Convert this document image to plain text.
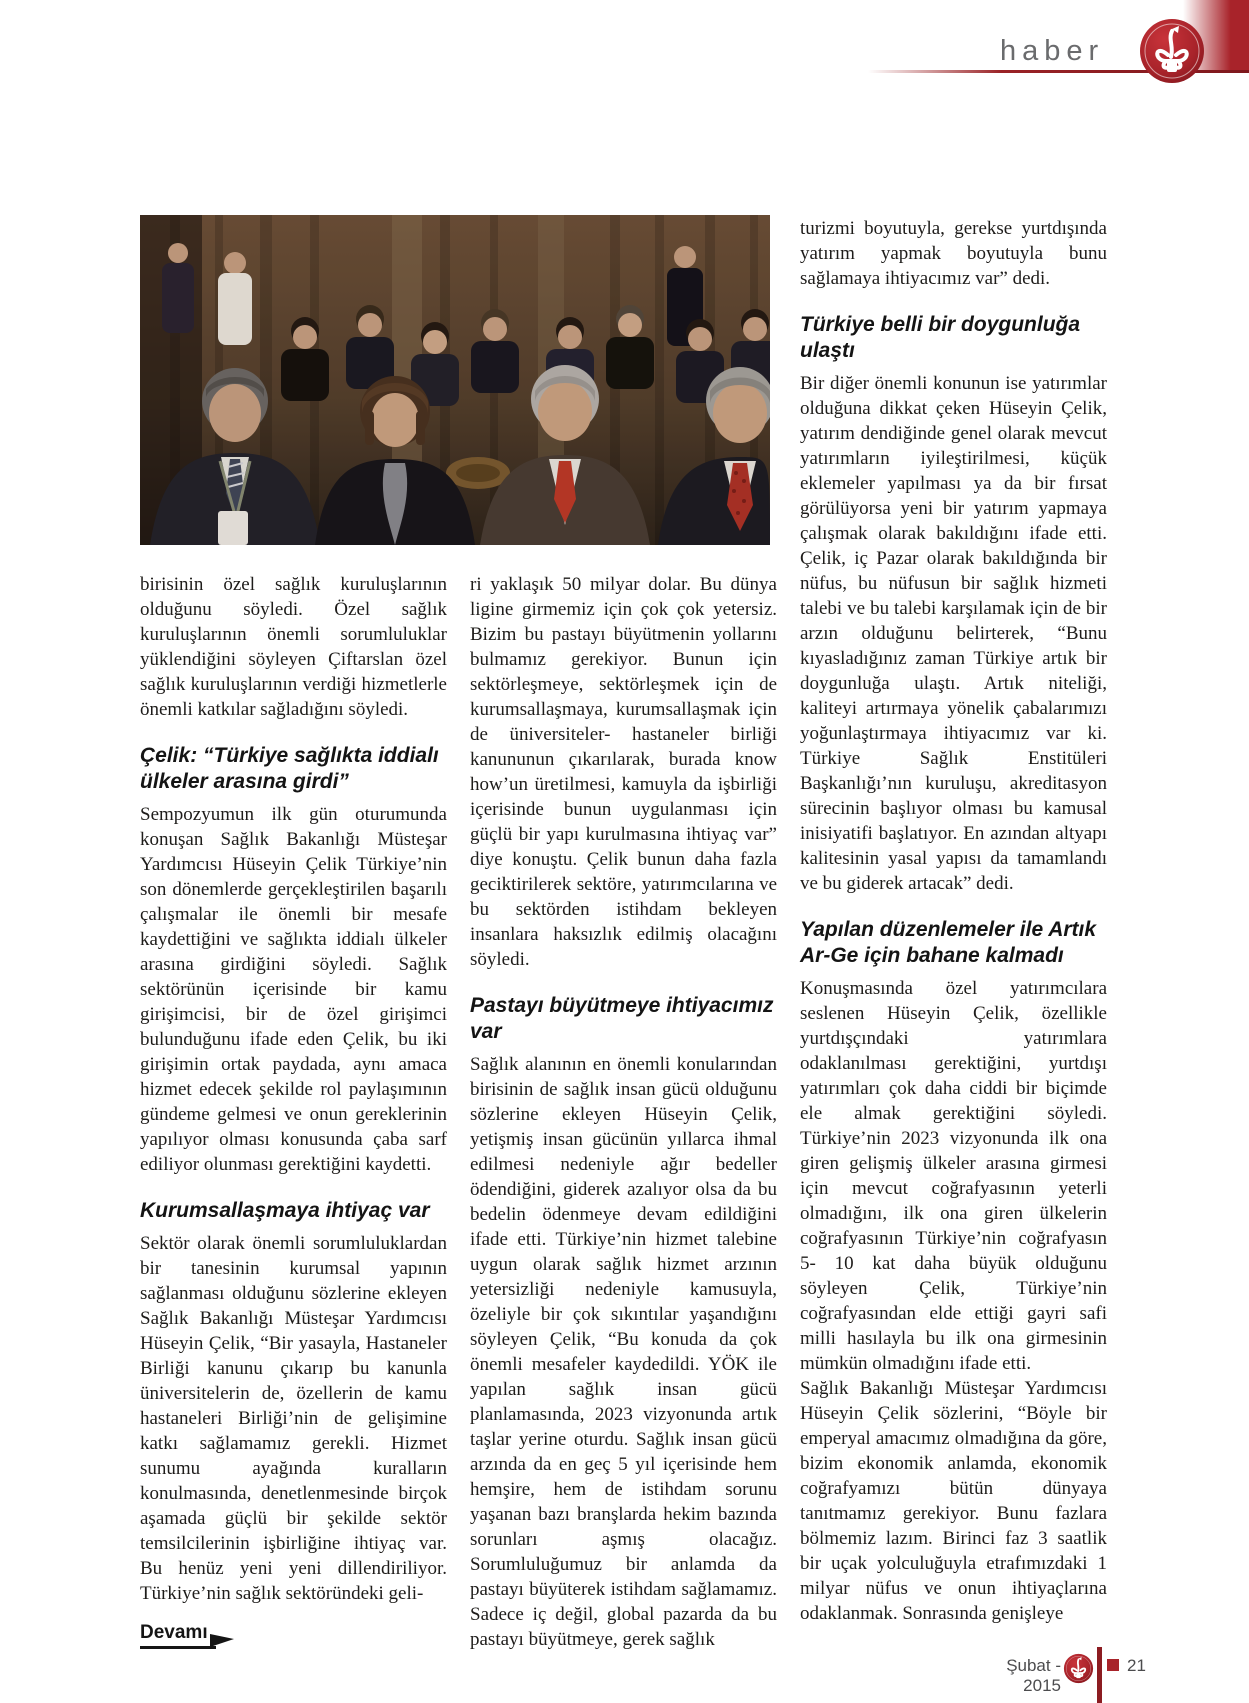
haber

birisinin özel sağlık kuruluşlarının olduğunu söyledi. Özel sağlık kuruluşlarının önemli sorumluluklar yüklendiğini söyleyen Çiftarslan özel sağlık kuruluşlarının verdiği hizmetlerle önemli katkılar sağladığını söyledi.

Çelik: “Türkiye sağlıkta iddialı ülkeler arasına girdi”

Sempozyumun ilk gün oturumunda konuşan Sağlık Bakanlığı Müsteşar Yardımcısı Hüseyin Çelik Türkiye’nin son dönemlerde gerçekleştirilen başarılı çalışmalar ile önemli bir mesafe kaydettiğini ve sağlıkta iddialı ülkeler arasına girdiğini söyledi. Sağlık sektörünün içerisinde bir kamu girişimcisi, bir de özel girişimci bulunduğunu ifade eden Çelik, bu iki girişimin ortak paydada, aynı amaca hizmet edecek şekilde rol paylaşımının gündeme gelmesi ve onun gereklerinin yapılıyor olması konusunda çaba sarf ediliyor olunması gerektiğini kaydetti.

Kurumsallaşmaya ihtiyaç var

Sektör olarak önemli sorumluluklardan bir tanesinin kurumsal yapının sağlanması olduğunu sözlerine ekleyen Sağlık Bakanlığı Müsteşar Yardımcısı Hüseyin Çelik, “Bir yasayla, Hastaneler Birliği kanunu çıkarıp bu kanunla üniversitelerin de, özellerin de kamu hastaneleri Birliği’nin de gelişimine katkı sağlamamız gerekli. Hizmet sunumu ayağında kuralların konulmasında, denetlenmesinde birçok aşamada güçlü bir şekilde sektör temsilcilerinin işbirliğine ihtiyaç var. Bu henüz yeni yeni dillendiriliyor. Türkiye’nin sağlık sektöründeki geli-

ri yaklaşık 50 milyar dolar. Bu dünya ligine girmemiz için çok çok yetersiz. Bizim bu pastayı büyütmenin yollarını bulmamız gerekiyor. Bunun için sektörleşmeye, sektörleşmek için de kurumsallaşmaya, kurumsallaşmak için de üniversiteler- hastaneler birliği kanununun çıkarılarak, burada know how’un üretilmesi, kamuyla da işbirliği içerisinde bunun uygulanması için güçlü bir yapı kurulmasına ihtiyaç var” diye konuştu. Çelik bunun daha fazla geciktirilerek sektöre, yatırımcılarına ve bu sektörden istihdam bekleyen insanlara haksızlık edilmiş olacağını söyledi.

Pastayı büyütmeye ihtiyacımız var

Sağlık alanının en önemli konularından birisinin de sağlık insan gücü olduğunu sözlerine ekleyen Hüseyin Çelik, yetişmiş insan gücünün yıllarca ihmal edilmesi nedeniyle ağır bedeller ödendiğini, giderek azalıyor olsa da bu bedelin ödenmeye devam edildiğini ifade etti. Türkiye’nin hizmet talebine uygun olarak sağlık hizmet arzının yetersizliği nedeniyle kamusuyla, özeliyle bir çok sıkıntılar yaşandığını söyleyen Çelik, “Bu konuda da çok önemli mesafeler kaydedildi. YÖK ile yapılan sağlık insan gücü planlamasında, 2023 vizyonunda artık taşlar yerine oturdu. Sağlık insan gücü arzında da en geç 5 yıl içerisinde hem hemşire, hem de istihdam sorunu yaşanan bazı branşlarda hekim bazında sorunları aşmış olacağız. Sorumluluğumuz bir anlamda da pastayı büyüterek istihdam sağlamamız. Sadece iç değil, global pazarda da bu pastayı büyütmeye, gerek sağlık

turizmi boyutuyla, gerekse yurtdışında yatırım yapmak boyutuyla bunu sağlamaya ihtiyacımız var” dedi.

Türkiye belli bir doygunluğa ulaştı

Bir diğer önemli konunun ise yatırımlar olduğuna dikkat çeken Hüseyin Çelik, yatırım dendiğinde genel olarak mevcut yatırımların iyileştirilmesi, küçük eklemeler yapılması ya da bir fırsat görülüyorsa yeni bir yatırım yapmaya çalışmak olarak bakıldığını ifade etti. Çelik, iç Pazar olarak bakıldığında bir nüfus, bu nüfusun bir sağlık hizmeti talebi ve bu talebi karşılamak için de bir arzın olduğunu belirterek, “Bunu kıyasladığınız zaman Türkiye artık bir doygunluğa ulaştı. Artık niteliği, kaliteyi artırmaya yönelik çabalarımızı yoğunlaştırmaya ihtiyacımız var ki. Türkiye Sağlık Enstitüleri Başkanlığı’nın kuruluşu, akreditasyon sürecinin başlıyor olması bu kamusal inisiyatifi başlatıyor. En azından altyapı kalitesinin yasal yapısı da tamamlandı ve bu giderek artacak” dedi.

Yapılan düzenlemeler ile Artık Ar-Ge için bahane kalmadı

Konuşmasında özel yatırımcılara seslenen Hüseyin Çelik, özellikle yurtdışçındaki yatırımlara odaklanılması gerektiğini, yurtdışı yatırımları çok daha ciddi bir biçimde ele almak gerektiğini söyledi. Türkiye’nin 2023 vizyonunda ilk ona giren gelişmiş ülkeler arasına girmesi için mevcut coğrafyasının yeterli olmadığını, ilk ona giren ülkelerin coğrafyasının Türkiye’nin coğrafyasın 5- 10 kat daha büyük olduğunu söyleyen Çelik, Türkiye’nin coğrafyasından elde ettiği gayri safi milli hasılayla bu ilk ona girmesinin mümkün olmadığını ifade etti.

Sağlık Bakanlığı Müsteşar Yardımcısı Hüseyin Çelik sözlerini, “Böyle bir emperyal amacımız olmadığına da göre, bizim ekonomik anlamda, ekonomik coğrafyamızı bütün dünyaya tanıtmamız gerekiyor. Bunu fazlara bölmemiz lazım. Birinci faz 3 saatlik bir uçak yolculuğuyla etrafımızdaki 1 milyar nüfus ve onun ihtiyaçlarına odaklanmak. Sonrasında genişleye

Devamı
Şubat - 2015
21
